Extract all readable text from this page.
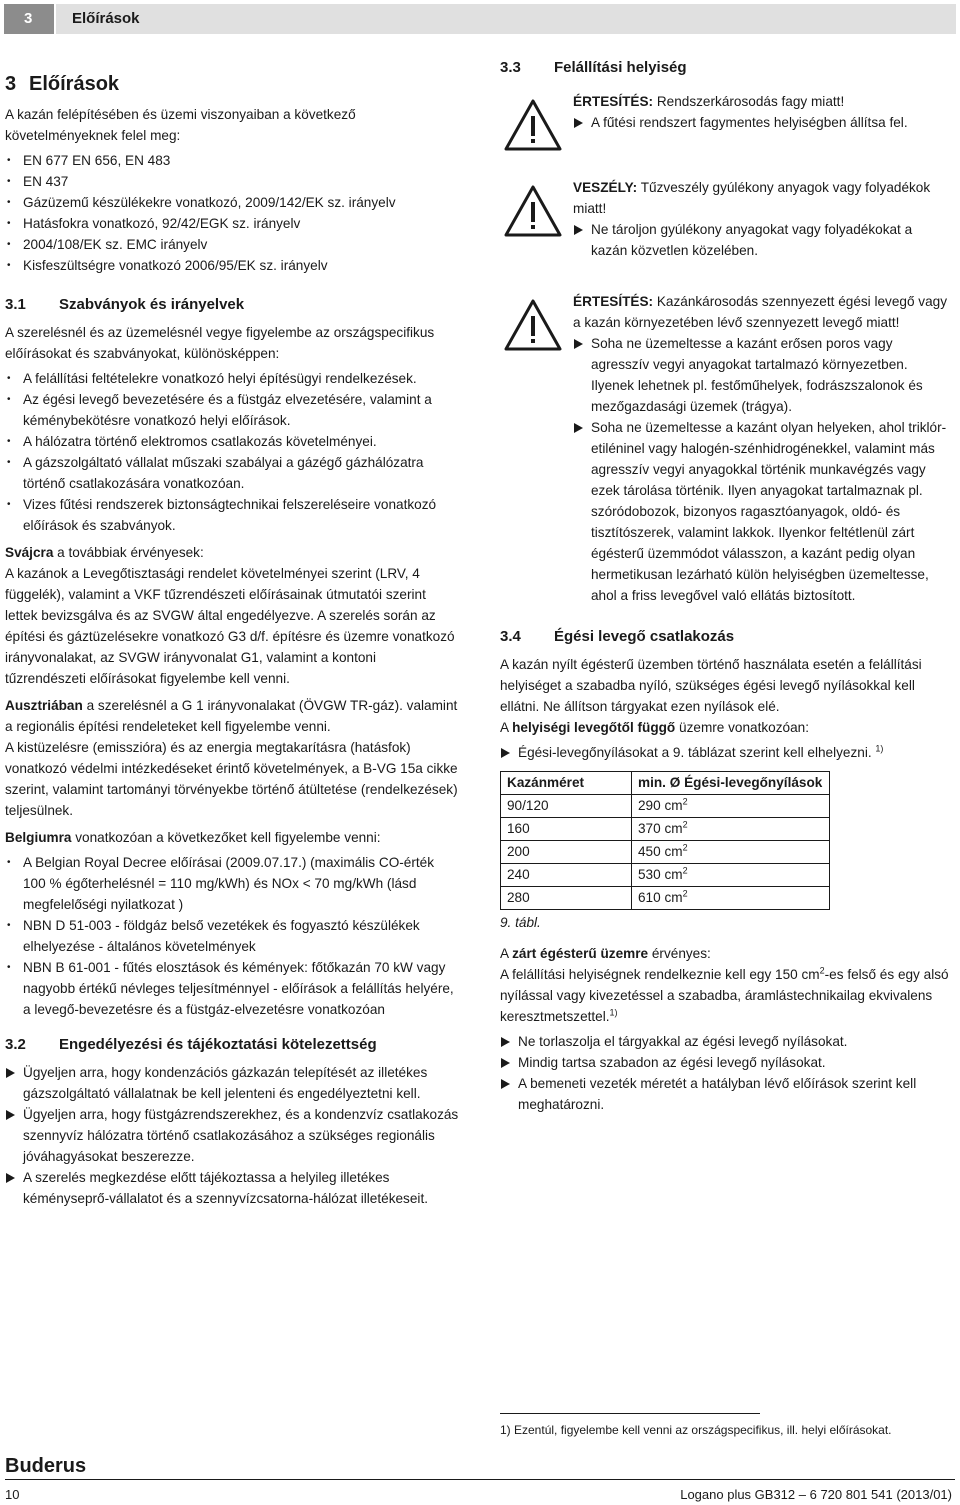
3	Előírások
3 Előírások

A kazán felépítésében és üzemi viszonyaiban a következő követelményeknek felel meg:

• EN 677 EN 656, EN 483
• EN 437
• Gázüzemű készülékekre vonatkozó, 2009/142/EK sz. irányelv
• Hatásfokra vonatkozó, 92/42/EGK sz. irányelv
• 2004/108/EK sz. EMC irányelv
• Kisfeszültségre vonatkozó 2006/95/EK sz. irányelv
3.1 Szabványok és irányelvek

A szerelésnél és az üzemelésnél vegye figyelembe az országspecifikus előírásokat és szabványokat, különösképpen:

• A felállítási feltételekre vonatkozó helyi építésügyi rendelkezések.
• Az égési levegő bevezetésére és a füstgáz elvezetésére, valamint a kéménybekötésre vonatkozó helyi előírások.
• A hálózatra történő elektromos csatlakozás követelményei.
• A gázszolgáltató vállalat műszaki szabályai a gázégő gázhálózatra történő csatlakozására vonatkozóan.
• Vizes fűtési rendszerek biztonságtechnikai felszereléseire vonatkozó előírások és szabványok.

Svájcra a továbbiak érvényesek:

A kazánok a Levegőtisztasági rendelet követelményei szerint (LRV, 4 függelék), valamint a VKF tűzrendészeti előírásainak útmutatói szerint lettek bevizsgálva és az SVGW által engedélyezve. A szerelés során az építési és gáztüzelésekre vonatkozó G3 d/f. építésre és üzemre vonatkozó irányvonalakat, az SVGW irányvonalat G1, valamint a kontoni tűzrendészeti előírásokat figyelembe kell venni.

Ausztriában a szerelésnél a G 1 irányvonalakat (ÖVGW TR-gáz). valamint a regionális építési rendeleteket kell figyelembe venni.

A kistüzelésre (emisszióra) és az energia megtakarításra (hatásfok) vonatkozó védelmi intézkedéseket érintő követelmények, a B-VG 15a cikke szerint, valamint tartományi törvényekbe történő átültetése (rendelkezések) teljesülnek.

Belgiumra vonatkozóan a következőket kell figyelembe venni:

• A Belgian Royal Decree előírásai (2009.07.17.) (maximális CO-érték 100 % égőterhelésnél = 110 mg/kWh) és NOx < 70 mg/kWh (lásd megfelelőségi nyilatkozat )
• NBN D 51-003 - földgáz belső vezetékek és fogyasztó készülékek elhelyezése - általános követelmények
• NBN B 61-001 - fűtés elosztások és kémények: főtőkazán 70 kW vagy nagyobb értékű névleges teljesítménnyel - előírások a felállítás helyére, a levegő-bevezetésre és a füstgáz-elvezetésre vonatkozóan
3.2 Engedélyezési és tájékoztatási kötelezettség
Ügyeljen arra, hogy kondenzációs gázkazán telepítését az illetékes gázszolgáltató vállalatnak be kell jelenteni és engedélyeztetni kell.
Ügyeljen arra, hogy füstgázrendszerekhez, és a kondenzvíz csatlakozás szennyvíz hálózatra történő csatlakozásához a szükséges regionális jóváhagyásokat beszerezze.
A szerelés megkezdése előtt tájékoztassa a helyileg illetékes kéményseprő-vállalatot és a szennyvízcsatorna-hálózat illetékeseit.
3.3 Felállítási helyiség

ÉRTESÍTÉS: Rendszerkárosodás fagy miatt!

A fűtési rendszert fagymentes helyiségben állítsa fel.

VESZÉLY: Tűzveszély gyúlékony anyagok vagy folyadékok miatt!

Ne tároljon gyúlékony anyagokat vagy folyadékokat a kazán közvetlen közelében.

ÉRTESÍTÉS: Kazánkárosodás szennyezett égési levegő vagy a kazán környezetében lévő szennyezett levegő miatt!

Soha ne üzemeltesse a kazánt erősen poros vagy agresszív vegyi anyagokat tartalmazó környezetben. Ilyenek lehetnek pl. festőműhelyek, fodrászszalonok és mezőgazdasági üzemek (trágya).
Soha ne üzemeltesse a kazánt olyan helyeken, ahol triklór-etiléninel vagy halogén-szénhidrogénekkel, valamint más agresszív vegyi anyagokkal történik munkavégzés vagy ezek tárolása történik. Ilyen anyagokat tartalmaznak pl. szóródobozok, bizonyos ragasztóanyagok, oldó- és tisztítószerek, valamint lakkok. Ilyenkor feltétlenül zárt égésterű üzemmódot válasszon, a kazánt pedig olyan hermetikusan lezárható külön helyiségben üzemeltesse, ahol a friss levegővel való ellátás biztosított.
3.4 Égési levegő csatlakozás

A kazán nyílt égésterű üzemben történő használata esetén a felállítási helyiséget a szabadba nyíló, szükséges égési levegő nyílásokkal kell ellátni. Ne állítson tárgyakat ezen nyílások elé.

A helyiségi levegőtől függő üzemre vonatkozóan:

Égési-levegőnyílásokat a 9. táblázat szerint kell elhelyezni. $^{1)}$
Kazánméret	min. Ø Égési-levegőnyílások
90/120	290 $cm^2$
160	370 $cm^2$
200	450 $cm^2$
240	530 $cm^2$
280	610 $cm^2$

9. tábl.

A zárt égésterű üzemre érvényes:

A felállítási helyiségnek rendelkeznie kell egy 150 $cm^2-es$ felső és egy alsó nyílással vagy kivezetéssel a szabadba, áramlástechnikailag ekvivalens keresztmetszettel.$^{1)}$

Ne torlaszolja el tárgyakkal az égési levegő nyílásokat.
Mindig tartsa szabadon az égési levegő nyílásokat.
A bemeneti vezeték méretét a hatályban lévő előírások szerint kell meghatározni.
1) Ezentúl, figyelembe kell venni az országspecifikus, ill. helyi előírásokat.
Buderus
10	Logano plus GB312 – 6 720 801 541 (2013/01)
